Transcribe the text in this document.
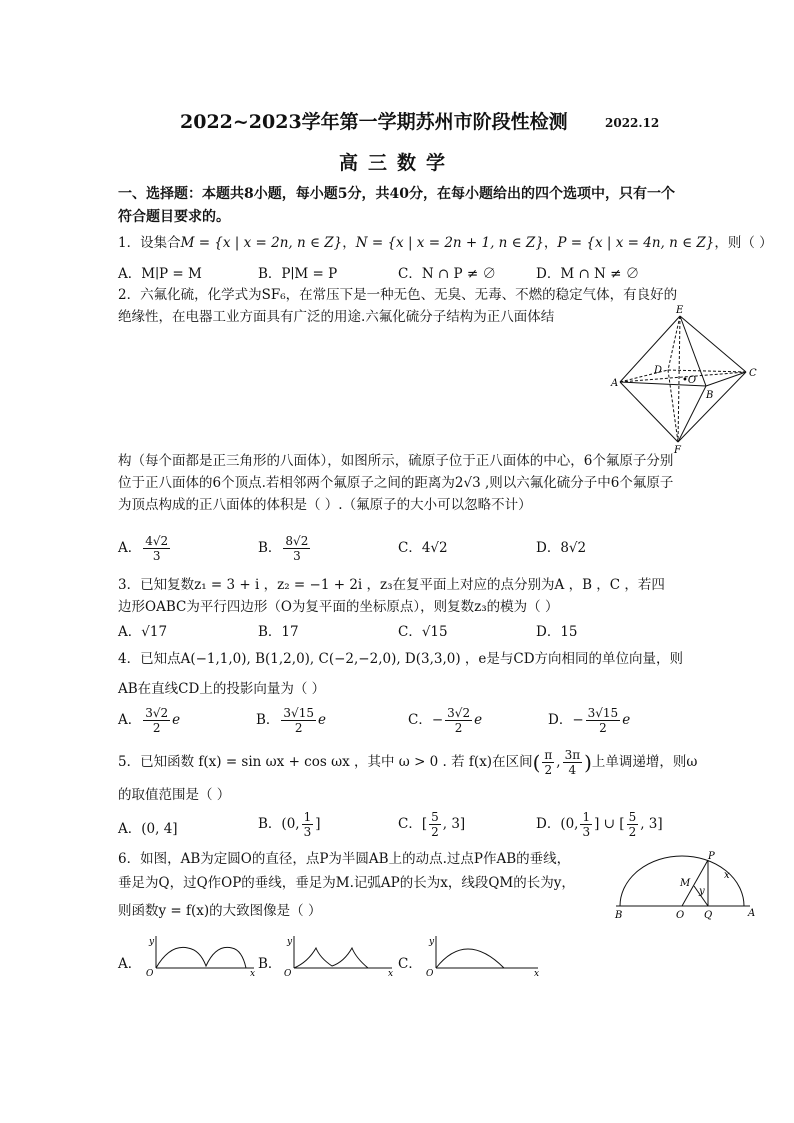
2022~2023学年第一学期苏州市阶段性检测	2022.12
高三数学
一、选择题：本题共8小题，每小题5分，共40分，在每小题给出的四个选项中，只有一个符合题目要求的。
1．设集合M = {x | x = 2n, n ∈ Z}，N = {x | x = 2n + 1, n ∈ Z}，P = {x | x = 4n, n ∈ Z}，则（ ）
A．M∣P = M	B．P∣M = P	C．N ∩ P ≠ ∅	D．M ∩ N ≠ ∅
2．六氟化硫，化学式为SF₆，在常压下是一种无色、无臭、无毒、不燃的稳定气体，有良好的绝缘性，在电器工业方面具有广泛的用途.六氟化硫分子结构为正八面体结	E
D
•O
C
A
B
F
构（每个面都是正三角形的八面体），如图所示，硫原子位于正八面体的中心，6个氟原子分别位于正八面体的6个顶点.若相邻两个氟原子之间的距离为2√3 ,则以六氟化硫分子中6个氟原子为顶点构成的正八面体的体积是（ ）.（氟原子的大小可以忽略不计）
A． $\frac{4√2}{3}$	B． $\frac{8√2}{3}$	C．4√2	D．8√2
3．已知复数z₁ = 3 + i ，z₂ = −1 + 2i ，z₃在复平面上对应的点分别为A ，B ，C ，若四边形OABC为平行四边形（O为复平面的坐标原点），则复数z₃的模为（ ）
A．√17	B．17	C．√15	D．15
4．已知点A(−1,1,0), B(1,2,0), C(−2,−2,0), D(3,3,0) ，e是与CD方向相同的单位向量，则
AB在直线CD上的投影向量为（ ）
A． $\frac{3√2}{2}$ e	B． $\frac{3√15}{2}$ e	C．− $\frac{3√2}{2}$ e	D．− $\frac{3√15}{2}$ e
5．已知函数 f(x) = sin ωx + cos ωx ，其中 ω > 0 . 若 f(x)在区间( $\frac{\pi}{2}$ , $\frac{3\pi}{4}$ )上单调递增，则ω
的取值范围是（ ）
A．(0, 4]	B．(0, $\frac{1}{3}$ ]	C．[ $\frac{5}{2}$ , 3]	D．(0, $\frac{1}{3}$ ] ∪ [ $\frac{5}{2}$ , 3]
6．如图，AB为定圆O的直径，点P为半圆AB上的动点.过点P作AB的垂线，
垂足为Q，过Q作OP的垂线，垂足为M.记弧AP的长为x，线段QM的长为y，
则函数y = f(x)的大致图像是（ ）
P
x
M
y
B	O Q	A
A．
y
O	x
B．
y
O	x
C．
y
O	x
